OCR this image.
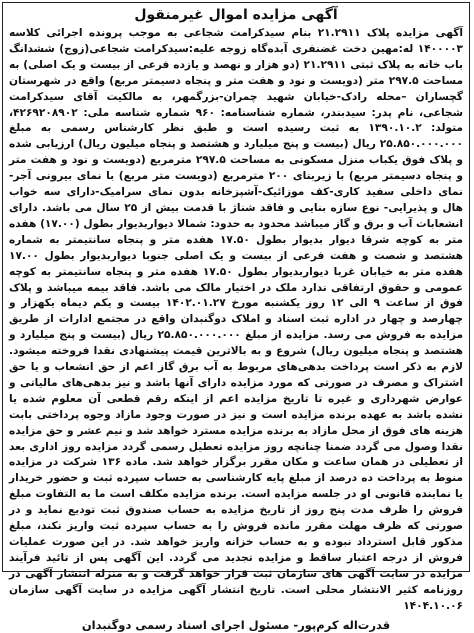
آگهی مزایده اموال غیرمنقول

آگهی مزایده پلاک ۲۱.۲۹۱۱ بنام سیدکرامت شجاعی به موجب پرونده اجرائی کلاسه ۱۴۰۰۰۰۳ له:مهین دخت غضنفری آبده‌گاه زوجه علیه:سیدکرامت شجاعی(زوج) ششدانگ باب خانه به پلاک ثبتی ۲۱.۲۹۱۱ (دو هزار و نهصد و یازده فرعی از بیست و یک اصلی) به مساحت ۲۹۷.۵ متر (دویست و نود و هفت متر و پنجاه دسیمتر مربع) واقع در شهرستان گچساران –محله رادک-خیابان شهید چمران-بزرگمهر، به مالکیت آقای سیدکرامت شجاعی، نام پدر: سیدبندر، شماره شناسنامه: ۹۶۰ شماره شناسه ملی: ۴۲۶۹۲۰۸۹۰۲، متولد: ۱۳۹۰.۱۰.۲ به ثبت رسیده است و طبق نظر کارشناس رسمی به مبلغ ۲۵.۸۵۰.۰۰۰.۰۰۰ ریال (بیست و پنج میلیارد و هشتصد و پنجاه میلیون ریال) ارزیابی شده و پلاک فوق یکباب منزل مسکونی به مساحت ۲۹۷.۵ مترمربع (دویست و نود و هفت متر و پنجاه دسیمتر مربع) با زیربنای ۲۰۰ مترمربع (دویست متر مربع) با نمای بیرونی آجر-نمای داخلی سفید کاری-کف موزائیک-آشپزخانه بدون نمای سرامیک-دارای سه خواب هال و پذیرایی- نوع سازه بنایی و فاقد شناژ با قدمت بیش از ۲۵ سال می باشد. دارای انشعابات آب و برق و گاز میباشد محدود به حدود: شمالا دیواربدیوار بطول (۱۷.۰۰) هفده متر به کوچه شرقا دیوار بدیوار بطول ۱۷.۵۰ هفده متر و پنجاه سانتیمتر به شماره هشتصد و شصت و هفت فرعی از بیست و یک اصلی جنوبا دیواربدیوار بطول ۱۷.۰۰ هفده متر به خیابان غربا دیواربدیوار بطول ۱۷.۵۰ هفده متر و پنجاه سانتیمتر به کوچه عمومی و حقوق ارتفاقی ندارد ملک در اختیار مالک می باشد. فاقد بیمه میباشد و پلاک فوق از ساعت ۹ الی ۱۲ روز یکشنبه مورخ ۱۴۰۲.۰۱.۲۷ بیست و یکم دیماه یکهزار و چهارصد و چهار در اداره ثبت اسناد و املاک دوگنبدان واقع در مجتمع ادارات از طریق مزایده به فروش می رسد. مزایده از مبلغ ۲۵.۸۵۰.۰۰۰.۰۰۰ ریال (بیست و پنج میلیارد و هشتصد و پنجاه میلیون ریال) شروع و به بالاترین قیمت پیشنهادی نقدا فروخته میشود. لازم به ذکر است پرداخت بدهی‌های مربوط به آب برق گاز اعم از حق انشعاب و یا حق اشتراک و مصرف در صورتی که مورد مزایده دارای آنها باشد و نیز بدهی‌های مالیاتی و عوارض شهرداری و غیره تا تاریخ مزایده اعم از اینکه رقم قطعی آن معلوم شده یا نشده باشد به عهده برنده مزایده است و نیز در صورت وجود مازاد وجوه پرداختی بابت هزینه های فوق از محل مازاد به برنده مزایده مسترد خواهد شد و نیم عشر و حق مزایده نقدا وصول می گردد ضمنا چنانچه روز مزایده تعطیل رسمی گردد مزایده روز اداری بعد از تعطیلی در همان ساعت و مکان مقرر برگزار خواهد شد. ماده ۱۳۶ شرکت در مزایده منوط به پرداخت ده درصد از مبلغ پایه کارشناسی به حساب سپرده ثبت و حضور خریدار یا نماینده قانونی او در جلسه مزایده است. برنده مزایده مکلف است ما به التفاوت مبلغ فروش را ظرف مدت پنج روز از تاریخ مزایده به حساب صندوق ثبت تودیع نماید و در صورتی که ظرف مهلت مقرر مانده فروش را به حساب سپرده ثبت واریز نکند، مبلغ مذکور قابل استرداد نبوده و به حساب خزانه واریز خواهد شد. در این صورت عملیات فروش از درجه اعتبار ساقط و مزایده تجدید می گردد. این آگهی پس از تائید فرآیند مزایده در سایت آگهی های سازمان ثبت قرار خواهد گرفت و به منزله انتشار آگهی در روزنامه کثیر الانتشار محلی است. تاریخ انتشار آگهی مزایده در سایت آگهی سازمان ۱۴۰۴.۱۰.۰۶

قدرت‌اله کرم‌پور- مسئول اجرای اسناد رسمی دوگنبدان
